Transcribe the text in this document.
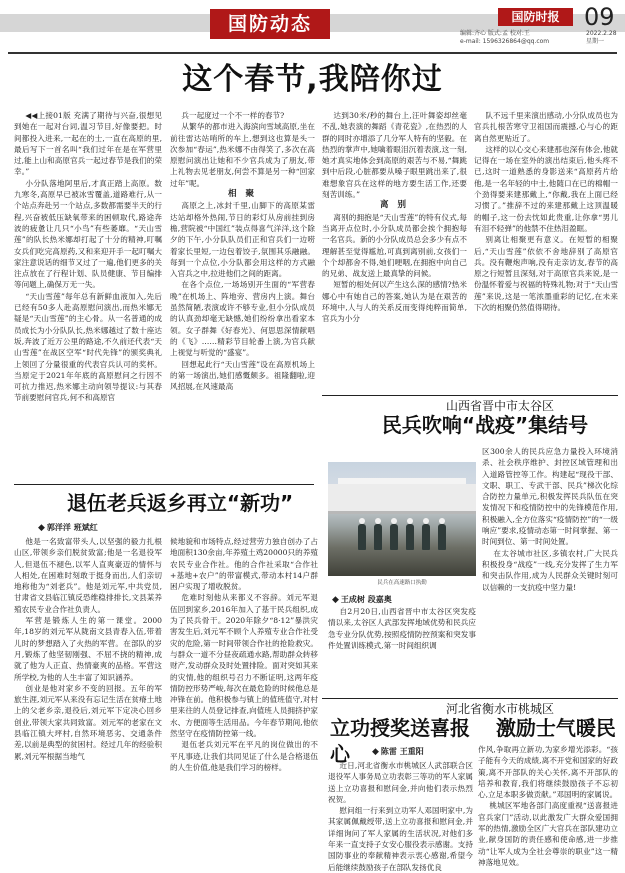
国防动态	国防时报	09
编辑:齐心 版式:孟 校对:王
e-mail: 1596326864@qq.com
2022.2.28
星期一
这个春节,我陪你过

◀◀上接01版 充满了期待与兴奋,很想见到她在一起对台词,温习节目,好像要把。时间都投入进来,一起在的士,一直在高原的里,最后写下一首名叫“我们过年在是在军营里过,能上山和高原官兵一起过春节是我们的荣幸。”

小分队落地阿里后,才真正踏上高原。数九寒冬,高原早已被冰雪覆盖,道路难行,从一个站点奔赴另一个站点,多数都需要半天的行程,兴奋被低压缺氧带来的困顿取代,路途奔波的疲惫让几只“小鸟”有些萎靡。“天山雪莲”的队长热米娜却打起了十分的精神,叮嘱女兵们吃完高原药,又和来迎开手一起叮嘱大家注意说话的细节又过了一遍,他们更多的关注点放在了行程计划、队员健康、节目编排等问题上,确保万无一失。

“天山雪莲”每年总有新鲜血液加入,先后已经有50多人赴高原慰问演出,而热米娜无疑是“天山雪莲”的主心骨。从一名普通的成员成长为小分队队长,热米娜越过了数十座达坂,奔波了近万公里的路途,不久前还代表“天山雪莲”在战区空军“时代先锋”的颁奖典礼上领回了分量很重的代表官兵认可的奖杯。当原定于2021年年底的高原慰问之行因不可抗力推迟,热米娜主动向领导提议:与其春节前要慰问官兵,何不和高原官

兵一起度过一个不一样的春节?

从繁华的都市进入海滨向雪域高原,坐在前往雷达站哨所的车上,想到这也算是头一次参加“春运”,热米娜不由得笑了,多次在高原慰问演出让她和不少官兵成为了朋友,带上礼物去见老朋友,何尝不算是另一种“回家过年”呢。

相 聚

高原之上,冰封千里,山脚下的高原某雷达站却格外热闹,节日的彩灯从房前挂到房檐,营院被“中国红”装点得喜气洋洋,这个除夕的下午,小分队队员们正和官兵们一边唠着家长里短,一边包着饺子,氛围其乐融融。每到一个点位,小分队都会用这样的方式融入官兵之中,拉进他们之间的距离。

在各个点位,一场场别开生面的“军营春晚”在机场上、阵地旁、营房内上演。舞台虽然简陋,表演或许不够专业,但小分队成员的认真劲却毫无缺憾,她们纷纷拿出看家本领。女子群舞《好春光》、何思思深情献唱的《飞》……精彩节目轮番上演,为官兵献上视觉与听觉的“盛宴”。

回想起此行“天山雪莲”设在高原机场上的第一场演出,她们感慨颇多。祖隆翻啦,迎风招展,在风速最高

达到30米/秒的舞台上,汪叶舞姿却丝毫不乱,她表演的舞蹈《青花瓷》,在热烈的人群的同时亦增添了几分军人特有的坚毅。在热烈的掌声中,她噙着眼泪沉着表演,这一刻,她才真实地体会到高原的艰苦与不易,“舞跳到中后段,心脏都要从嗓子眼里跳出来了,很难想象官兵在这样的地方要生活工作,还要刻苦训练。”

离 别

离别的拥抱是“天山雪莲”的特有仪式,每当离开点位时,小分队成员都会挨个拥抱每一名官兵。新的小分队成员总会多少有点不理解甚至觉得尴尬,可真到离别前,女孩们一个个却都舍不得,她们哽咽,在拥抱中向自己的兄弟、战友送上最真挚的问候。

短暂的相处何以产生这么深的感情?热米娜心中有她自己的答案,她认为是在艰苦的环境中,人与人的关系反而变得纯粹而简单,官兵为小分

队不远千里来演出感动,小分队成员也为官兵扎根苦寒守卫祖国而震撼,心与心的距离自然更贴近了。

这样的以心交心来建那也深有体会,他就记得在一场在室外的演出结束后,他头疼不已,这时一道熟悉的身影送来“高原药片给他,是一名年轻的中士,他随口在已的棉帽一个劲得要来建那戴上,“你戴,我在上面已经习惯了。”推辞不过的来建那戴上这顶温暖的帽子,这一份去忱如此贵重,让你拿“男儿有泪不轻弹”的他禁不住热泪盈眶。

别离让相聚更有意义。在短暂的相聚后,“天山雪莲”依依不舍地辞别了高原官兵。没有鞭炮声响,没有走亲访友,春节的高原之行短暂且深刻,对于高原官兵来说,是一份温怀着爱与祝福的特殊礼物;对于“天山雪莲”来说,这是一笔浓墨重彩的记忆,在未来下次的相聚仍然值得期待。

山西省晋中市太谷区
民兵吹响“战疫”集结号
民兵在高速路口执勤
◆ 王成树 段嘉奥

自2月20日,山西省晋中市太谷区突发疫情以来,太谷区人武部发挥地域优势和民兵应急专业分队优势,按照疫情防控预案和突发事件处置训练模式,第一时间组织调

区300余人的民兵应急力量投入环境消杀、社会秩序维护、封控区域管理和出入道路管控等工作。构建起“现役干部、文职、职工、专武干部、民兵”梯次化综合防控力量单元,积极发挥民兵队伍在突发情况下和疫情防控中的先锋模范作用,积极融入,全方位落实“疫情防控”的“一级响应”要求,疫情动态第一时间掌握、第一时间到位、第一时间处置。

在太谷城市社区,多镇农村,广大民兵积极投身“战疫”一线,充分发挥了生力军和突击队作用,成为人民群众关键时刻可以信赖的一支抗疫中坚力量!

退伍老兵返乡再立“新功”
◆ 郭洋洋 班斌红

他是一名致富带头人,以坚强的毅力扎根山区,带领乡亲们脱贫致富;他是一名退役军人,但退伍不褪色,以军人直爽豪迈的情怀与人相处,在困难时刻敢于挺身而出,人们亲切地称他为“刘老兵”。他是刘元军,中共党员,甘肃省文县临江镇反恐维稳排排长,文县某养殖农民专业合作社负责人。

军营是锻炼人生的第一课堂。2000年,18岁的刘元军从陇南文县青春入伍,带着儿时的梦想踏入了火热的军营。在部队的岁月,锻炼了他坚韧刚强、不屈不挠的精神,成就了他为人正直、热情豪爽的品格。军营这所学校,为他的人生丰富了知识涵养。

创业是他对家乡不变的回报。五年的军旅生涯,刘元军从来没有忘记生活在贫瘠土地上的父老乡亲,退役后,刘元军下定决心回乡创业,带领大家共同致富。刘元军的老家在文县临江镇大坪村,自然环境恶劣、交通条件差,以前是典型的贫困村。经过几年的经验积累,刘元军根据当地气

候地貌和市场特点,经过营劳力独自创办了占地面积130余亩,年养殖土鸡20000只的养殖农民专业合作社。他的合作社采取“合作社+基地+农户”的带富模式,带动本村14户群困户实现了增收脱贫。

危难时刻他从来都义不容辞。刘元军退伍回到家乡,2016年加入了基干民兵组织,成为了民兵骨干。2020年除夕“8·12”暴洪灾害发生后,刘元军不顾个人养殖专业合作社受灾的危险,第一时间带领合作社的抢险救灾。与群众一道不分昼夜疏通水路,帮助群众转移财产,发动群众及时处置排险。面对突如其来的灾情,他的组织号召力不断证明,这两年疫情防控形势严峻,每次在最危险的时候他总是冲锋在前。他积极参与镇上的值班值守,对村里来往的人员登记排查,向值班人员拥挤护家水、方便面等生活用品。今年春节期间,他依然坚守在疫情防控第一线。

退伍老兵刘元军在平凡的岗位做出的不平凡事迹,让我们共同见证了什么是合格退伍的人生价值,他是我们学习的榜样。

河北省衡水市桃城区
立功授奖送喜报 激励士气暖民心	◆ 陈雷 王重阳

近日,河北省衡水市桃城区人武部联合区退役军人事务局立功表彰三等功的军人家属送上立功喜报和慰问金,并向他们表示热烈祝贺。

慰问组一行来到立功军人邓国明家中,为其家属佩戴绶带,送上立功喜报和慰问金,并详细询问了军人家属的生活状况,对他们多年来一直支持子女安心服役表示感谢。支持国防事业的奉献精神表示衷心感谢,希望今后能继续鼓励孩子在部队发扬优良

作风,争取再立新功,为家乡增光添彩。“孩子能有今天的成绩,离不开党和国家的好政策,离不开部队的关心关怀,离不开部队的培养和教育,我们将继续鼓励孩子不忘初心,立足本职多做贡献。”邓国明的家属说。

桃城区军地各部门高度重视“送喜报进官兵家门”活动,以此激发广大群众爱国拥军的热情,激励全区广大官兵在部队建功立业,献身国防的责任感和使命感,进一步推动“让军人成为全社会尊崇的职业”这一精神落地见效。
